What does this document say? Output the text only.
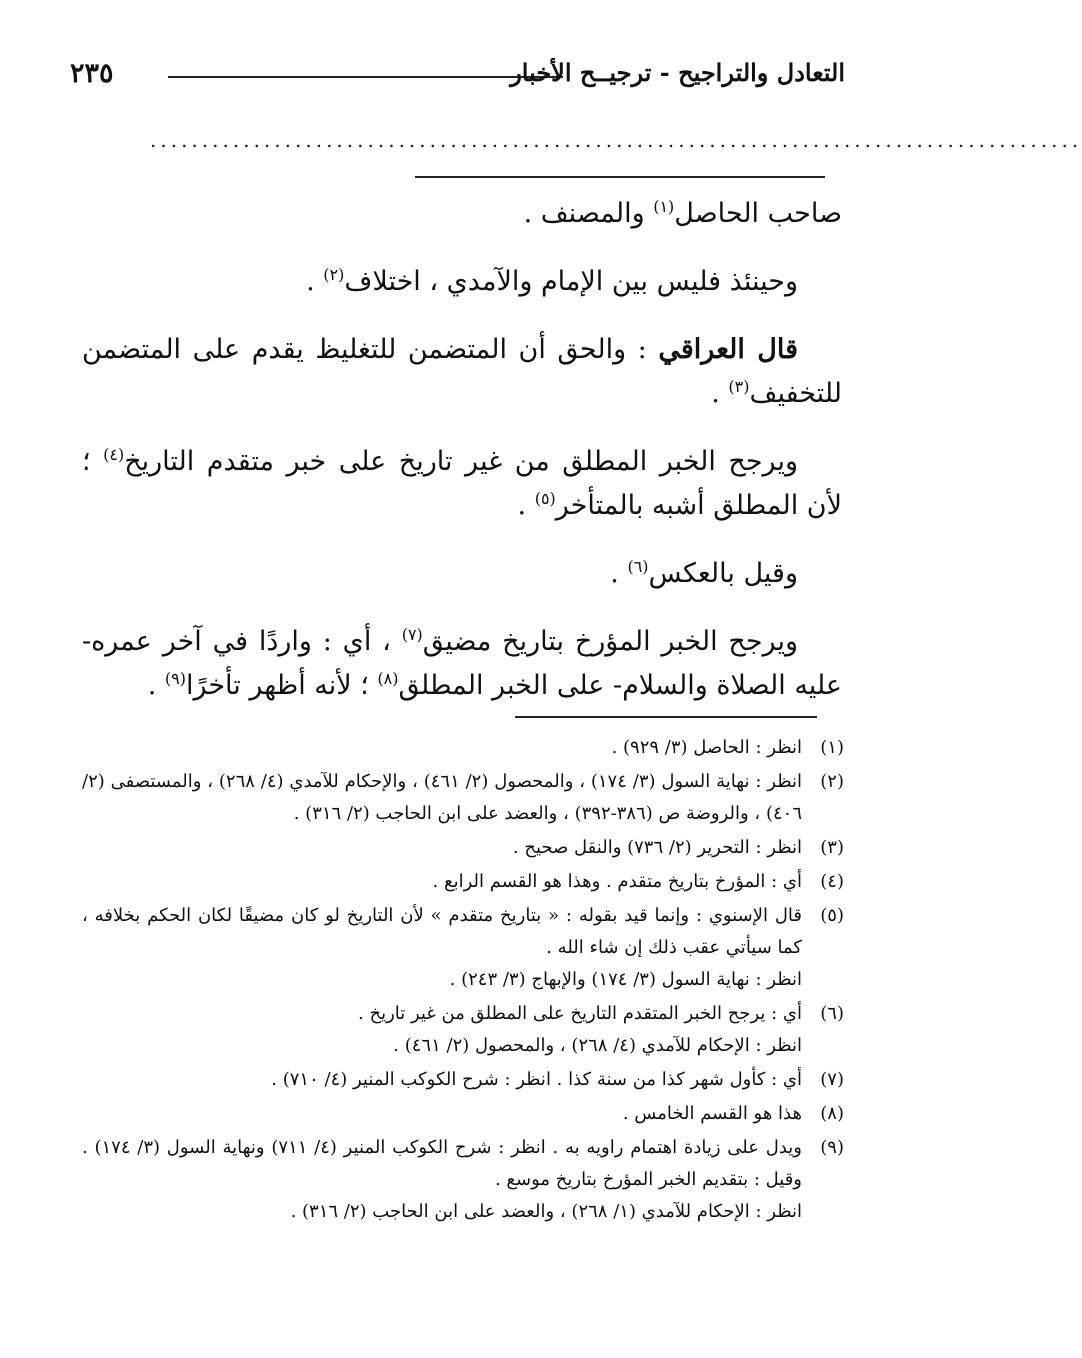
٢٣٥	التعادل والتراجيح - ترجيــح الأخبار
..........................................................................................

صاحب الحاصل$^{(١)}$ والمصنف .

وحينئذ فليس بين الإمام والآمدي ، اختلاف$^{(٢)}$ .

قال العراقي : والحق أن المتضمن للتغليظ يقدم على المتضمن للتخفيف$^{(٣)}$ .

ويرجح الخبر المطلق من غير تاريخ على خبر متقدم التاريخ$^{(٤)}$ ؛ لأن المطلق أشبه بالمتأخر$^{(٥)}$ .

وقيل بالعكس$^{(٦)}$ .

ويرجح الخبر المؤرخ بتاريخ مضيق$^{(٧)}$ ، أي : واردًا في آخر عمره- عليه الصلاة والسلام- على الخبر المطلق$^{(٨)}$ ؛ لأنه أظهر تأخرًا$^{(٩)}$ .

(١)انظر : الحاصل (٣/ ٩٢٩) .
(٢)انظر : نهاية السول (٣/ ١٧٤) ، والمحصول (٢/ ٤٦١) ، والإحكام للآمدي (٤/ ٢٦٨) ، والمستصفى (٢/ ٤٠٦) ، والروضة ص (٣٨٦-٣٩٢) ، والعضد على ابن الحاجب (٢/ ٣١٦) .
(٣)انظر : التحرير (٢/ ٧٣٦) والنقل صحيح .
(٤)أي : المؤرخ بتاريخ متقدم . وهذا هو القسم الرابع .
(٥)قال الإسنوي : وإنما قيد بقوله : « بتاريخ متقدم » لأن التاريخ لو كان مضيقًا لكان الحكم بخلافه ، كما سيأتي عقب ذلك إن شاء الله .
انظر : نهاية السول (٣/ ١٧٤) والإبهاج (٣/ ٢٤٣) .
(٦)أي : يرجح الخبر المتقدم التاريخ على المطلق من غير تاريخ .
انظر : الإحكام للآمدي (٤/ ٢٦٨) ، والمحصول (٢/ ٤٦١) .
(٧)أي : كأول شهر كذا من سنة كذا . انظر : شرح الكوكب المنير (٤/ ٧١٠) .
(٨)هذا هو القسم الخامس .
(٩)ويدل على زيادة اهتمام راويه به . انظر : شرح الكوكب المنير (٤/ ٧١١) ونهاية السول (٣/ ١٧٤) . وقيل : بتقديم الخبر المؤرخ بتاريخ موسع .
انظر : الإحكام للآمدي (١/ ٢٦٨) ، والعضد على ابن الحاجب (٢/ ٣١٦) .
